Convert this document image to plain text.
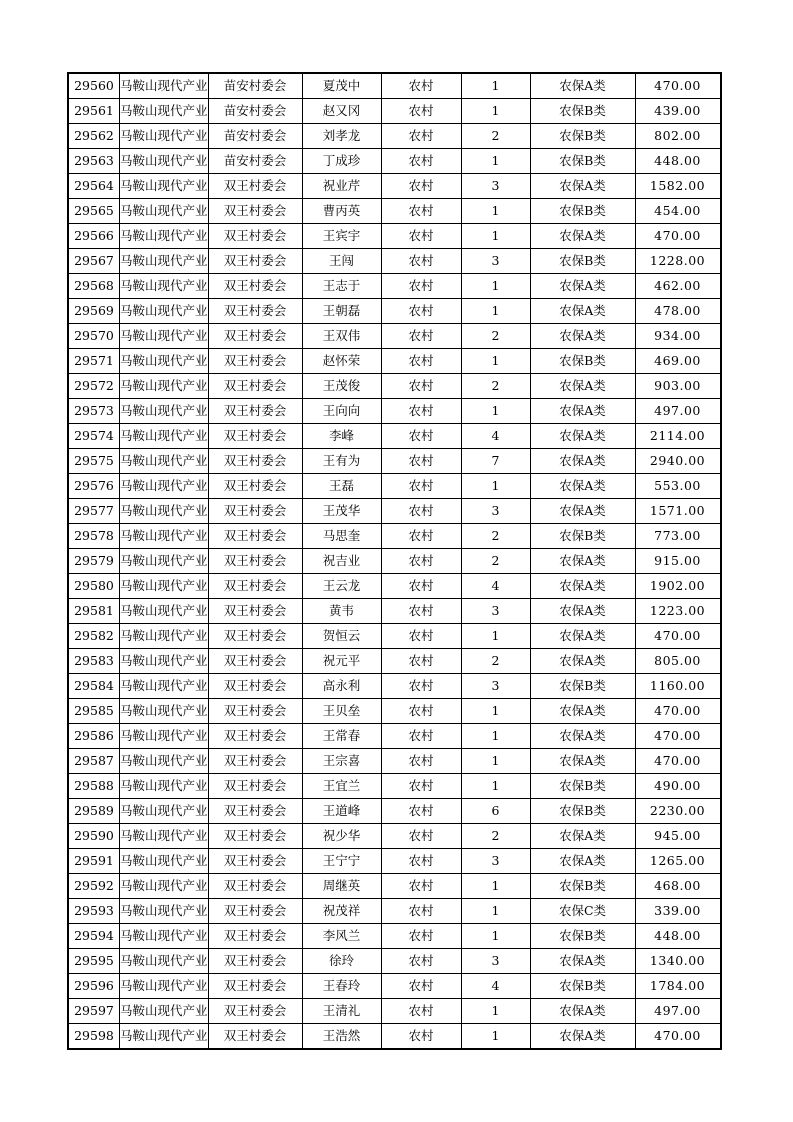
29560	马鞍山现代产业	苗安村委会	夏茂中	农村	1	农保A类	470.00
29561	马鞍山现代产业	苗安村委会	赵又冈	农村	1	农保B类	439.00
29562	马鞍山现代产业	苗安村委会	刘孝龙	农村	2	农保B类	802.00
29563	马鞍山现代产业	苗安村委会	丁成珍	农村	1	农保B类	448.00
29564	马鞍山现代产业	双王村委会	祝业芹	农村	3	农保A类	1582.00
29565	马鞍山现代产业	双王村委会	曹丙英	农村	1	农保B类	454.00
29566	马鞍山现代产业	双王村委会	王宾宇	农村	1	农保A类	470.00
29567	马鞍山现代产业	双王村委会	王闯	农村	3	农保B类	1228.00
29568	马鞍山现代产业	双王村委会	王志于	农村	1	农保A类	462.00
29569	马鞍山现代产业	双王村委会	王朝磊	农村	1	农保A类	478.00
29570	马鞍山现代产业	双王村委会	王双伟	农村	2	农保A类	934.00
29571	马鞍山现代产业	双王村委会	赵怀荣	农村	1	农保B类	469.00
29572	马鞍山现代产业	双王村委会	王茂俊	农村	2	农保A类	903.00
29573	马鞍山现代产业	双王村委会	王向向	农村	1	农保A类	497.00
29574	马鞍山现代产业	双王村委会	李峰	农村	4	农保A类	2114.00
29575	马鞍山现代产业	双王村委会	王有为	农村	7	农保A类	2940.00
29576	马鞍山现代产业	双王村委会	王磊	农村	1	农保A类	553.00
29577	马鞍山现代产业	双王村委会	王茂华	农村	3	农保A类	1571.00
29578	马鞍山现代产业	双王村委会	马思奎	农村	2	农保B类	773.00
29579	马鞍山现代产业	双王村委会	祝吉业	农村	2	农保A类	915.00
29580	马鞍山现代产业	双王村委会	王云龙	农村	4	农保A类	1902.00
29581	马鞍山现代产业	双王村委会	黄韦	农村	3	农保A类	1223.00
29582	马鞍山现代产业	双王村委会	贺恒云	农村	1	农保A类	470.00
29583	马鞍山现代产业	双王村委会	祝元平	农村	2	农保A类	805.00
29584	马鞍山现代产业	双王村委会	高永利	农村	3	农保B类	1160.00
29585	马鞍山现代产业	双王村委会	王贝垒	农村	1	农保A类	470.00
29586	马鞍山现代产业	双王村委会	王常春	农村	1	农保A类	470.00
29587	马鞍山现代产业	双王村委会	王宗喜	农村	1	农保A类	470.00
29588	马鞍山现代产业	双王村委会	王宜兰	农村	1	农保B类	490.00
29589	马鞍山现代产业	双王村委会	王道峰	农村	6	农保B类	2230.00
29590	马鞍山现代产业	双王村委会	祝少华	农村	2	农保A类	945.00
29591	马鞍山现代产业	双王村委会	王宁宁	农村	3	农保A类	1265.00
29592	马鞍山现代产业	双王村委会	周继英	农村	1	农保B类	468.00
29593	马鞍山现代产业	双王村委会	祝茂祥	农村	1	农保C类	339.00
29594	马鞍山现代产业	双王村委会	李风兰	农村	1	农保B类	448.00
29595	马鞍山现代产业	双王村委会	徐玲	农村	3	农保A类	1340.00
29596	马鞍山现代产业	双王村委会	王春玲	农村	4	农保B类	1784.00
29597	马鞍山现代产业	双王村委会	王清礼	农村	1	农保A类	497.00
29598	马鞍山现代产业	双王村委会	王浩然	农村	1	农保A类	470.00
